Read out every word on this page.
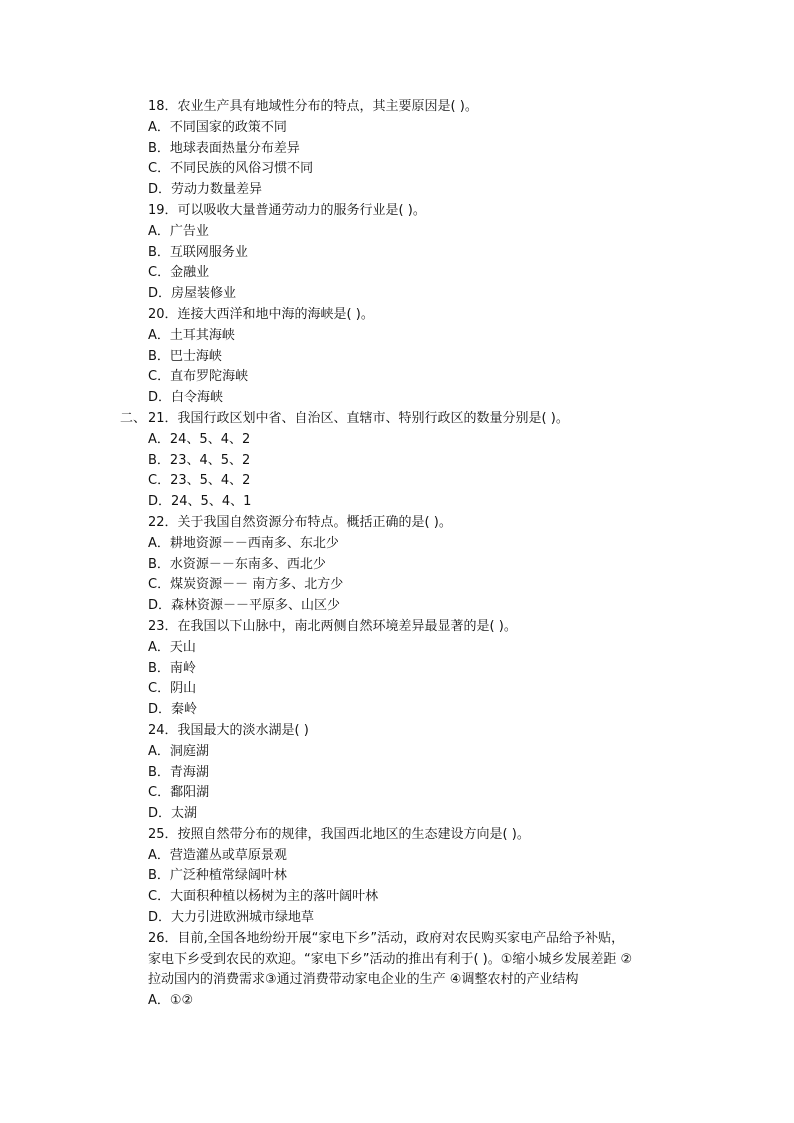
二、
18．农业生产具有地域性分布的特点，其主要原因是( )。
A．不同国家的政策不同
B．地球表面热量分布差异
C．不同民族的风俗习惯不同
D．劳动力数量差异
19．可以吸收大量普通劳动力的服务行业是( )。
A．广告业
B．互联网服务业
C．金融业
D．房屋装修业
20．连接大西洋和地中海的海峡是( )。
A．土耳其海峡
B．巴士海峡
C．直布罗陀海峡
D．白令海峡
21．我国行政区划中省、自治区、直辖市、特别行政区的数量分别是( )。
A．24、5、4、2
B．23、4、5、2
C．23、5、4、2
D．24、5、4、1
22．关于我国自然资源分布特点。概括正确的是( )。
A．耕地资源－－西南多、东北少
B．水资源－－东南多、西北少
C．煤炭资源－－ 南方多、北方少
D．森林资源－－平原多、山区少
23．在我国以下山脉中，南北两侧自然环境差异最显著的是( )。
A．天山
B．南岭
C．阴山
D．秦岭
24．我国最大的淡水湖是( )
A．洞庭湖
B．青海湖
C．鄱阳湖
D．太湖
25．按照自然带分布的规律，我国西北地区的生态建设方向是( )。
A．营造灌丛或草原景观
B．广泛种植常绿阔叶林
C．大面积种植以杨树为主的落叶阔叶林
D．大力引进欧洲城市绿地草
26．目前,全国各地纷纷开展“家电下乡”活动，政府对农民购买家电产品给予补贴，
家电下乡受到农民的欢迎。“家电下乡”活动的推出有利于( )。①缩小城乡发展差距 ②
拉动国内的消费需求③通过消费带动家电企业的生产 ④调整农村的产业结构
A．①②
